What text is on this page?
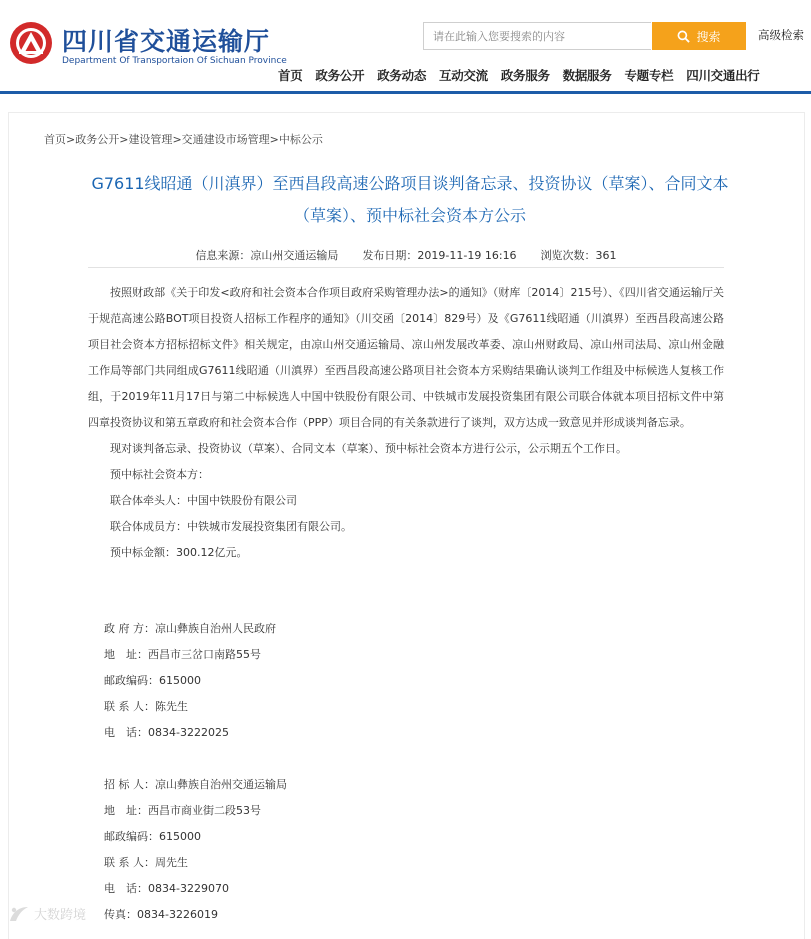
四川省交通运输厅
Department Of Transportaion Of Sichuan Province
请在此输入您要搜索的内容
搜索	高级检索
首页 政务公开 政务动态 互动交流 政务服务 数据服务 专题专栏 四川交通出行
首页>政务公开>建设管理>交通建设市场管理>中标公示
G7611线昭通（川滇界）至西昌段高速公路项目谈判备忘录、投资协议（草案）、合同文本（草案）、预中标社会资本方公示
信息来源：凉山州交通运输局 发布日期：2019-11-19 16:16 浏览次数：361

按照财政部《关于印发<政府和社会资本合作项目政府采购管理办法>的通知》（财库〔2014〕215号）、《四川省交通运输厅关于规范高速公路BOT项目投资人招标工作程序的通知》（川交函〔2014〕829号）及《G7611线昭通（川滇界）至西昌段高速公路项目社会资本方招标招标文件》相关规定，由凉山州交通运输局、凉山州发展改革委、凉山州财政局、凉山州司法局、凉山州金融工作局等部门共同组成G7611线昭通（川滇界）至西昌段高速公路项目社会资本方采购结果确认谈判工作组及中标候选人复核工作组，于2019年11月17日与第二中标候选人中国中铁股份有限公司、中铁城市发展投资集团有限公司联合体就本项目招标文件中第四章投资协议和第五章政府和社会资本合作（PPP）项目合同的有关条款进行了谈判，双方达成一致意见并形成谈判备忘录。

现对谈判备忘录、投资协议（草案）、合同文本（草案）、预中标社会资本方进行公示，公示期五个工作日。

预中标社会资本方：

联合体牵头人：中国中铁股份有限公司

联合体成员方：中铁城市发展投资集团有限公司。

预中标金额：300.12亿元。

政 府 方：凉山彝族自治州人民政府
地　址：西昌市三岔口南路55号
邮政编码：615000
联 系 人：陈先生
电　话：0834-3222025
招 标 人：凉山彝族自治州交通运输局
地　址：西昌市商业街二段53号
邮政编码：615000
联 系 人：周先生
电　话：0834-3229070
传真：0834-3226019
大数跨境
